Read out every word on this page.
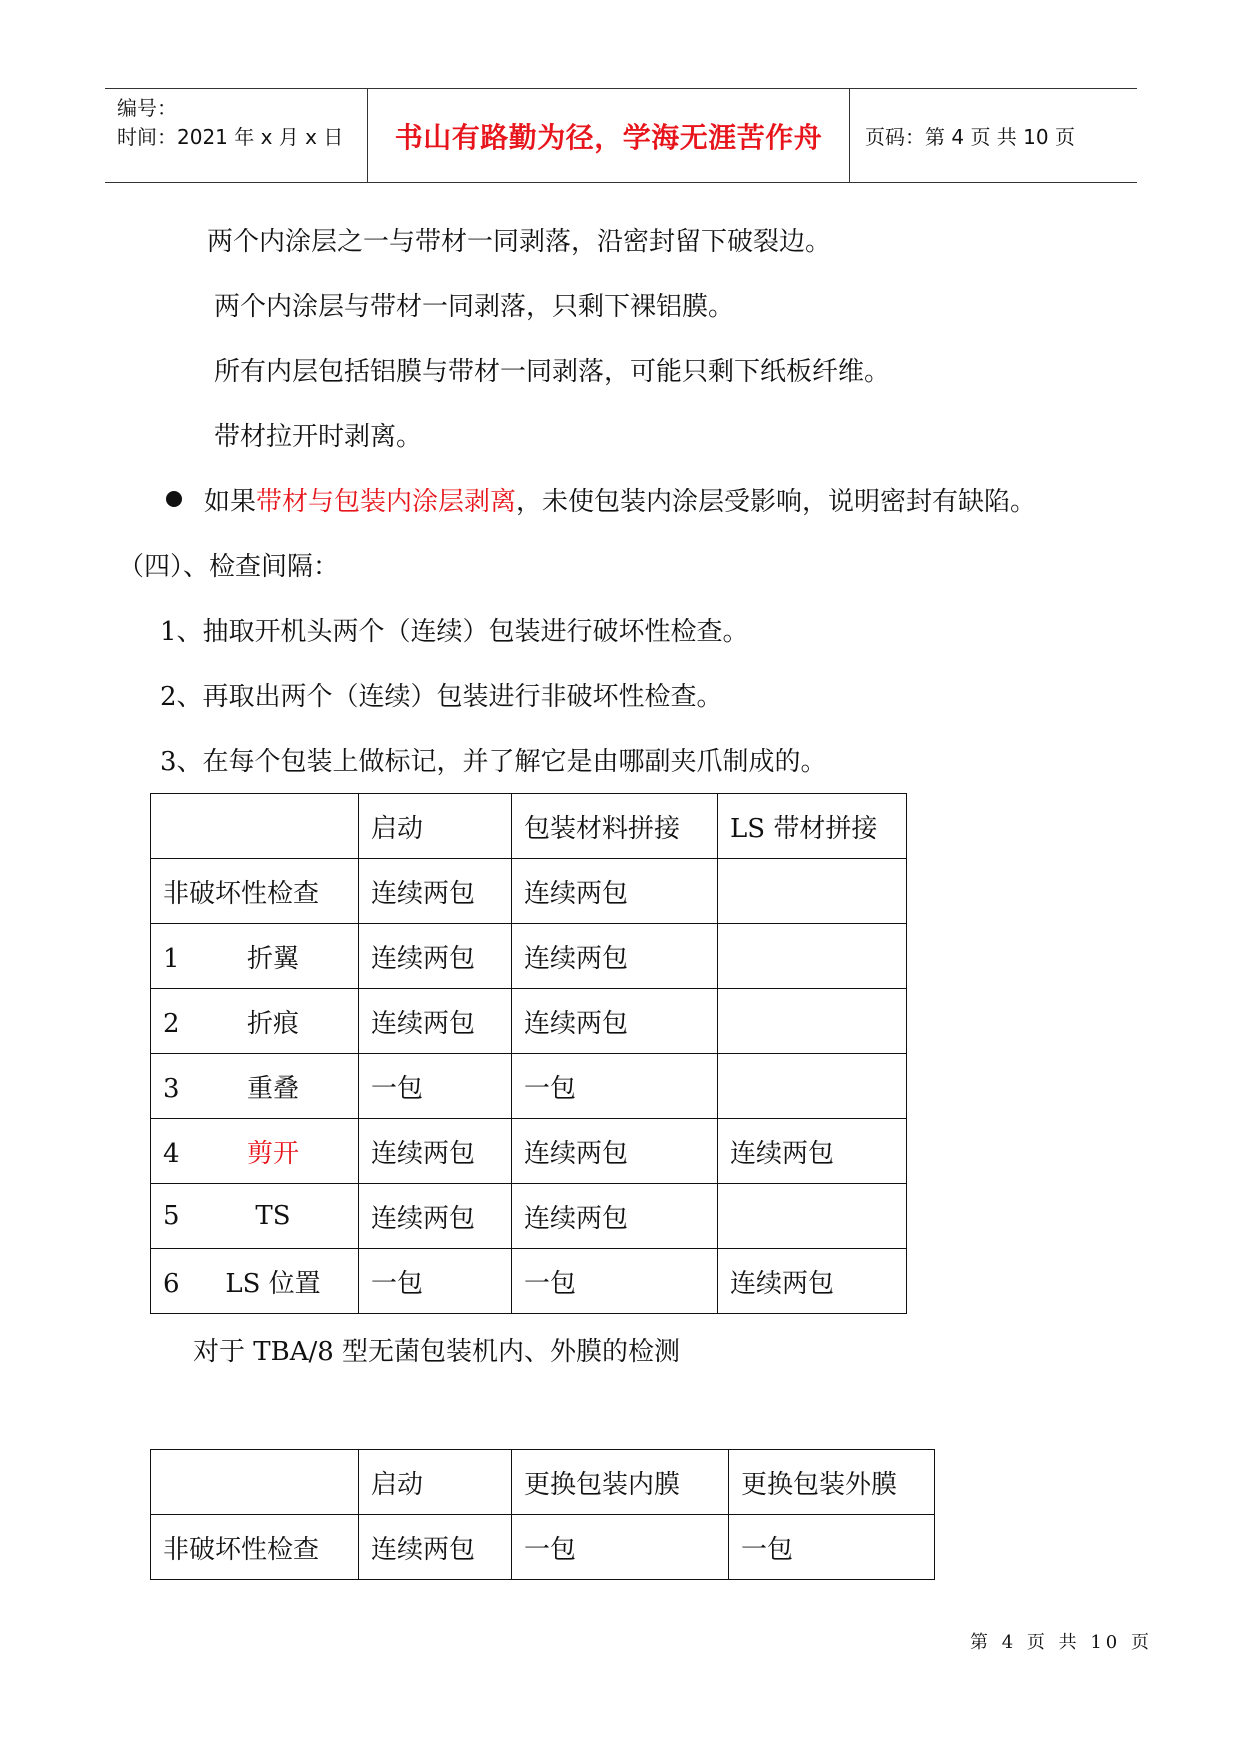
编号：
时间：2021 年 x 月 x 日	书山有路勤为径，学海无涯苦作舟	页码：第 4 页 共 10 页
两个内涂层之一与带材一同剥落，沿密封留下破裂边。
两个内涂层与带材一同剥落，只剩下裸铝膜。
所有内层包括铝膜与带材一同剥落，可能只剩下纸板纤维。
带材拉开时剥离。
如果带材与包装内涂层剥离，未使包装内涂层受影响，说明密封有缺陷。
（四）、检查间隔：
1、抽取开机头两个（连续）包装进行破坏性检查。
2、再取出两个（连续）包装进行非破坏性检查。
3、在每个包装上做标记，并了解它是由哪副夹爪制成的。
	启动	包装材料拼接	LS 带材拼接
非破坏性检查	连续两包	连续两包	
1 折翼	连续两包	连续两包	
2 折痕	连续两包	连续两包	
3 重叠	一包	一包	
4 剪开	连续两包	连续两包	连续两包
5 TS	连续两包	连续两包	
6 LS 位置	一包	一包	连续两包
对于 TBA/8 型无菌包装机内、外膜的检测
	启动	更换包装内膜	更换包装外膜
非破坏性检查	连续两包	一包	一包
第 4 页 共 10 页
